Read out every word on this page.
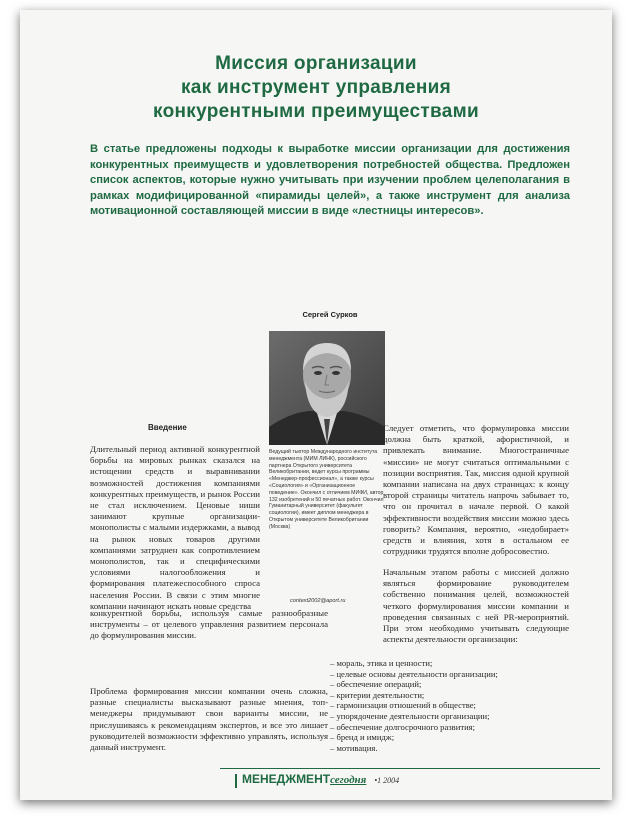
Миссия организации
как инструмент управления
конкурентными преимуществами
В статье предложены подходы к выработке миссии организации для достижения конкурентных преимуществ и удовлетворения потребностей общества. Предложен список аспектов, которые нужно учитывать при изучении проблем целеполагания в рамках модифицированной «пирамиды целей», а также инструмент для анализа мотивационной составляющей миссии в виде «лестницы интересов».
Сергей Сурков
Ведущий тьютор Международного института менеджмента (МИМ ЛИНК), российского партнера Открытого университета Великобритании, ведет курсы программы «Менеджер-профессионал», а также курсы «Социология» и «Организационное поведение». Окончил с отличием МИФИ, автор 132 изобретений и 50 печатных работ. Окончил Гуманитарный университет (факультет социологии), имеет диплом менеджера в Открытом университете Великобритании (Москва)
context2002@aport.ru
Введение

Длительный период активной конкурентной борьбы на мировых рынках сказался на истощении средств и выравнивании возможностей достижения компаниями конкурентных преимуществ, и рынок России не стал исключением. Ценовые ниши занимают крупные организации-монополисты с малыми издержками, а вывод на рынок новых товаров другими компаниями затруднен как сопротивлением монополистов, так и специфическими условиями налогообложения и формирования платежеспособного спроса населения России. В связи с этим многие компании начинают искать новые средства

конкурентной борьбы, используя самые разнообразные инструменты – от целевого управления развитием персонала до формулирования миссии.

Проблема формирования миссии компании очень сложна, разные специалисты высказывают разные мнения, топ-менеджеры придумывают свои варианты миссии, не прислушиваясь к рекомендациям экспертов, и все это лишает руководителей возможности эффективно управлять, используя данный инструмент.

Следует отметить, что формулировка миссии должна быть краткой, афористичной, и привлекать внимание. Многостраничные «миссии» не могут считаться оптимальными с позиции восприятия. Так, миссия одной крупной компании написана на двух страницах: к концу второй страницы читатель напрочь забывает то, что он прочитал в начале первой. О какой эффективности воздействия миссии можно здесь говорить? Компания, вероятно, «недобирает» средств и влияния, хотя в остальном ее сотрудники трудятся вполне добросовестно.

Начальным этапом работы с миссией должно являться формирование руководителем собственно понимания целей, возможностей четкого формулирования миссии компании и проведения связанных с ней PR-мероприятий. При этом необходимо учитывать следующие аспекты деятельности организации:

– мораль, этика и ценности;

– целевые основы деятельности организации;

– обеспечение операций;

– критерии деятельности;

– гармонизация отношений в обществе;

– упорядочение деятельности организации;

– обеспечение долгосрочного развития;

– бренд и имидж;

– мотивация.

МЕНЕДЖМЕНТсегодня •1 2004
